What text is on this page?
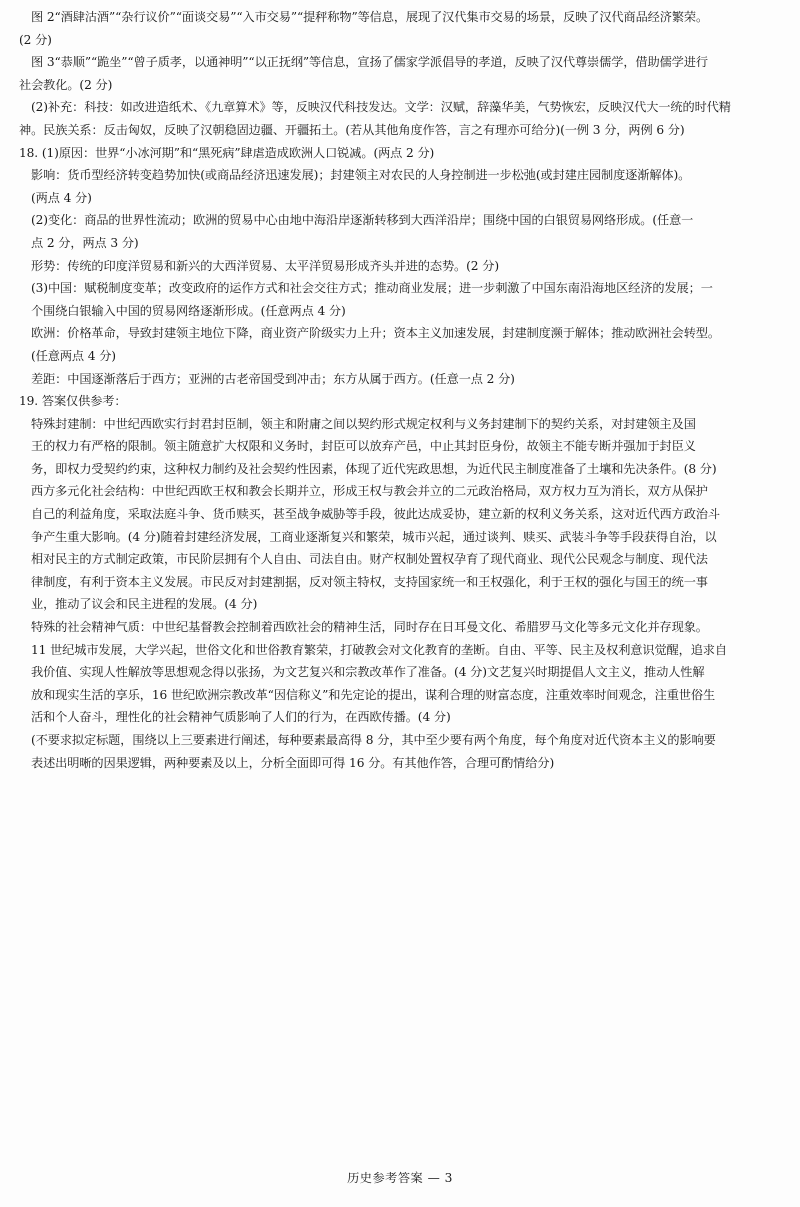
图 2“酒肆沽酒”“杂行议价”“面谈交易”“入市交易”“提秤称物”等信息，展现了汉代集市交易的场景，反映了汉代商品经济繁荣。
(2 分)
图 3“恭顺”“跪坐”“曾子质孝，以通神明”“以正抚纲”等信息，宣扬了儒家学派倡导的孝道，反映了汉代尊崇儒学，借助儒学进行
社会教化。(2 分)
(2)补充：科技：如改进造纸术、《九章算术》等，反映汉代科技发达。文学：汉赋，辞藻华美，气势恢宏，反映汉代大一统的时代精
神。民族关系：反击匈奴，反映了汉朝稳固边疆、开疆拓土。(若从其他角度作答，言之有理亦可给分)(一例 3 分，两例 6 分)
18. (1)原因：世界“小冰河期”和“黑死病”肆虐造成欧洲人口锐减。(两点 2 分)
影响：货币型经济转变趋势加快(或商品经济迅速发展)；封建领主对农民的人身控制进一步松弛(或封建庄园制度逐渐解体)。
(两点 4 分)
(2)变化：商品的世界性流动；欧洲的贸易中心由地中海沿岸逐渐转移到大西洋沿岸；围绕中国的白银贸易网络形成。(任意一
点 2 分，两点 3 分)
形势：传统的印度洋贸易和新兴的大西洋贸易、太平洋贸易形成齐头并进的态势。(2 分)
(3)中国：赋税制度变革；改变政府的运作方式和社会交往方式；推动商业发展；进一步刺激了中国东南沿海地区经济的发展；一
个围绕白银输入中国的贸易网络逐渐形成。(任意两点 4 分)
欧洲：价格革命，导致封建领主地位下降，商业资产阶级实力上升；资本主义加速发展，封建制度濒于解体；推动欧洲社会转型。
(任意两点 4 分)
差距：中国逐渐落后于西方；亚洲的古老帝国受到冲击；东方从属于西方。(任意一点 2 分)
19. 答案仅供参考：
特殊封建制：中世纪西欧实行封君封臣制，领主和附庸之间以契约形式规定权利与义务封建制下的契约关系，对封建领主及国
王的权力有严格的限制。领主随意扩大权限和义务时，封臣可以放弃产邑，中止其封臣身份，故领主不能专断并强加于封臣义
务，即权力受契约约束，这种权力制约及社会契约性因素，体现了近代宪政思想，为近代民主制度准备了土壤和先决条件。(8 分)
西方多元化社会结构：中世纪西欧王权和教会长期并立，形成王权与教会并立的二元政治格局，双方权力互为消长，双方从保护
自己的利益角度，采取法庭斗争、货币赎买，甚至战争威胁等手段，彼此达成妥协，建立新的权利义务关系，这对近代西方政治斗
争产生重大影响。(4 分)随着封建经济发展，工商业逐渐复兴和繁荣，城市兴起，通过谈判、赎买、武装斗争等手段获得自治，以
相对民主的方式制定政策，市民阶层拥有个人自由、司法自由。财产权制处置权孕育了现代商业、现代公民观念与制度、现代法
律制度，有利于资本主义发展。市民反对封建割据，反对领主特权，支持国家统一和王权强化，利于王权的强化与国王的统一事
业，推动了议会和民主进程的发展。(4 分)
特殊的社会精神气质：中世纪基督教会控制着西欧社会的精神生活，同时存在日耳曼文化、希腊罗马文化等多元文化并存现象。
11 世纪城市发展，大学兴起，世俗文化和世俗教育繁荣，打破教会对文化教育的垄断。自由、平等、民主及权利意识觉醒，追求自
我价值、实现人性解放等思想观念得以张扬，为文艺复兴和宗教改革作了准备。(4 分)文艺复兴时期提倡人文主义，推动人性解
放和现实生活的享乐，16 世纪欧洲宗教改革“因信称义”和先定论的提出，谋利合理的财富态度，注重效率时间观念，注重世俗生
活和个人奋斗，理性化的社会精神气质影响了人们的行为，在西欧传播。(4 分)
(不要求拟定标题，围绕以上三要素进行阐述，每种要素最高得 8 分，其中至少要有两个角度，每个角度对近代资本主义的影响要
表述出明晰的因果逻辑，两种要素及以上，分析全面即可得 16 分。有其他作答，合理可酌情给分)
历史参考答案 — 3
